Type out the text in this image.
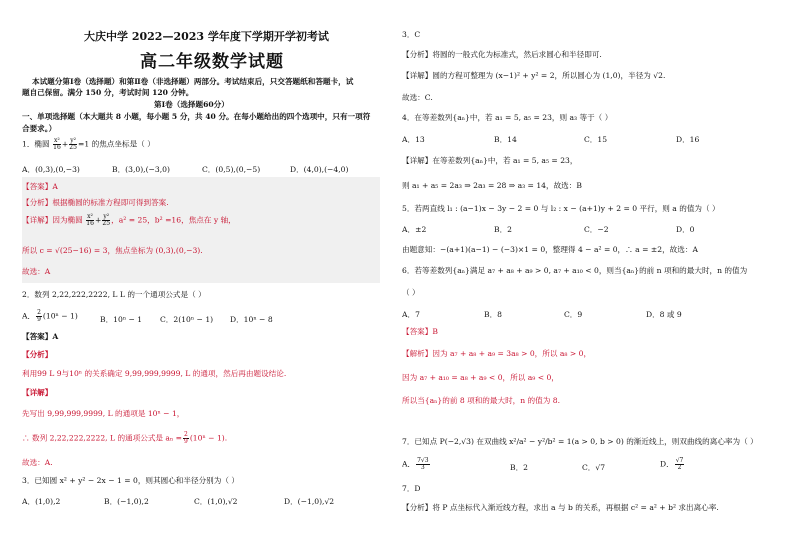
大庆中学 2022—2023 学年度下学期开学初考试
高二年级数学试题
本试题分第Ⅰ卷（选择题）和第Ⅱ卷（非选择题）两部分。考试结束后，只交答题纸和答题卡，试
题自己保留。满分 150 分，考试时间 120 分钟。
第Ⅰ卷（选择题60分）
一、单项选择题（本大题共 8 小题，每小题 5 分，共 40 分。在每小题给出的四个选项中，只有一项符
合要求。）
1．椭圆 $\frac{\text{x²}}{16} + \frac{\text{y²}}{25} =1$ 的焦点坐标是（ ）
A．(0,3),(0,−3)	B．(3,0),(−3,0)	C．(0,5),(0,−5)	D．(4,0),(−4,0)
【答案】A
【分析】根据椭圆的标准方程即可得到答案.
【详解】因为椭圆 $\frac{\text{x²}}{16} + \frac{\text{y²}}{25}$ ，a² = 25，b² =16，焦点在 y 轴，
所以 c = √(25−16) = 3，焦点坐标为 (0,3),(0,−3).
故选：A
2．数列 2,22,222,2222, L L 的一个通项公式是（ ）
A． $\frac{2}{9} (10^n - 1)$	B．10ⁿ − 1 C．2(10ⁿ − 1) D．10ⁿ − 8
【答案】A
【分析】
利用99 L 9与10ⁿ 的关系确定 9,99,999,9999, L 的通项，然后再由题设结论.
【详解】
先写出 9,99,999,9999, L 的通项是 10ⁿ − 1，
∴ 数列 2,22,222,2222, L 的通项公式是 $a_n = \frac{2}{9} (10^n - 1)$.
故选：A.
3．已知圆 x² + y² − 2x − 1 = 0，则其圆心和半径分别为（ ）
A．(1,0),2	B．(−1,0),2	C．(1,0),√2	D．(−1,0),√2
3．C
【分析】将圆的一般式化为标准式，然后求圆心和半径即可.
【详解】圆的方程可整理为 (x−1)² + y² = 2，所以圆心为 (1,0)，半径为 √2.
故选：C.
4．在等差数列{aₙ}中，若 a₁ = 5, a₅ = 23，则 a₃ 等于（ ）
A．13	B．14	C．15	D．16
【详解】在等差数列{aₙ}中，若 a₁ = 5, a₅ = 23，
则 a₁ + a₅ = 2a₃ ⇒ 2a₃ = 28 ⇒ a₃ = 14，故选：B
5．若两直线 l₁ : (a−1)x − 3y − 2 = 0 与 l₂ : x − (a+1)y + 2 = 0 平行，则 a 的值为（ ）
A．±2	B．2	C．−2	D．0
由题意知：−(a+1)(a−1) − (−3)×1 = 0，整理得 4 − a² = 0，∴ a = ±2，故选：A
6．若等差数列{aₙ}满足 a₇ + a₈ + a₉ > 0, a₇ + a₁₀ < 0，则当{aₙ}的前 n 项和的最大时，n 的值为
（ ）
A．7	B．8	C．9	D．8 或 9
【答案】B
【解析】因为 a₇ + a₈ + a₉ = 3a₈ > 0，所以 a₈ > 0，
因为 a₇ + a₁₀ = a₈ + a₉ < 0，所以 a₉ < 0，
所以当{aₙ}的前 8 项和的最大时，n 的值为 8.
7．已知点 P(−2,√3) 在双曲线 x²/a² − y²/b² = 1(a > 0, b > 0) 的渐近线上，则双曲线的离心率为（ ）
A． $\frac{7√3}{3}$	B．2	C．√7	D． $\frac{√7}{2}$
7．D
【分析】将 P 点坐标代入渐近线方程，求出 a 与 b 的关系，再根据 c² = a² + b² 求出离心率.
